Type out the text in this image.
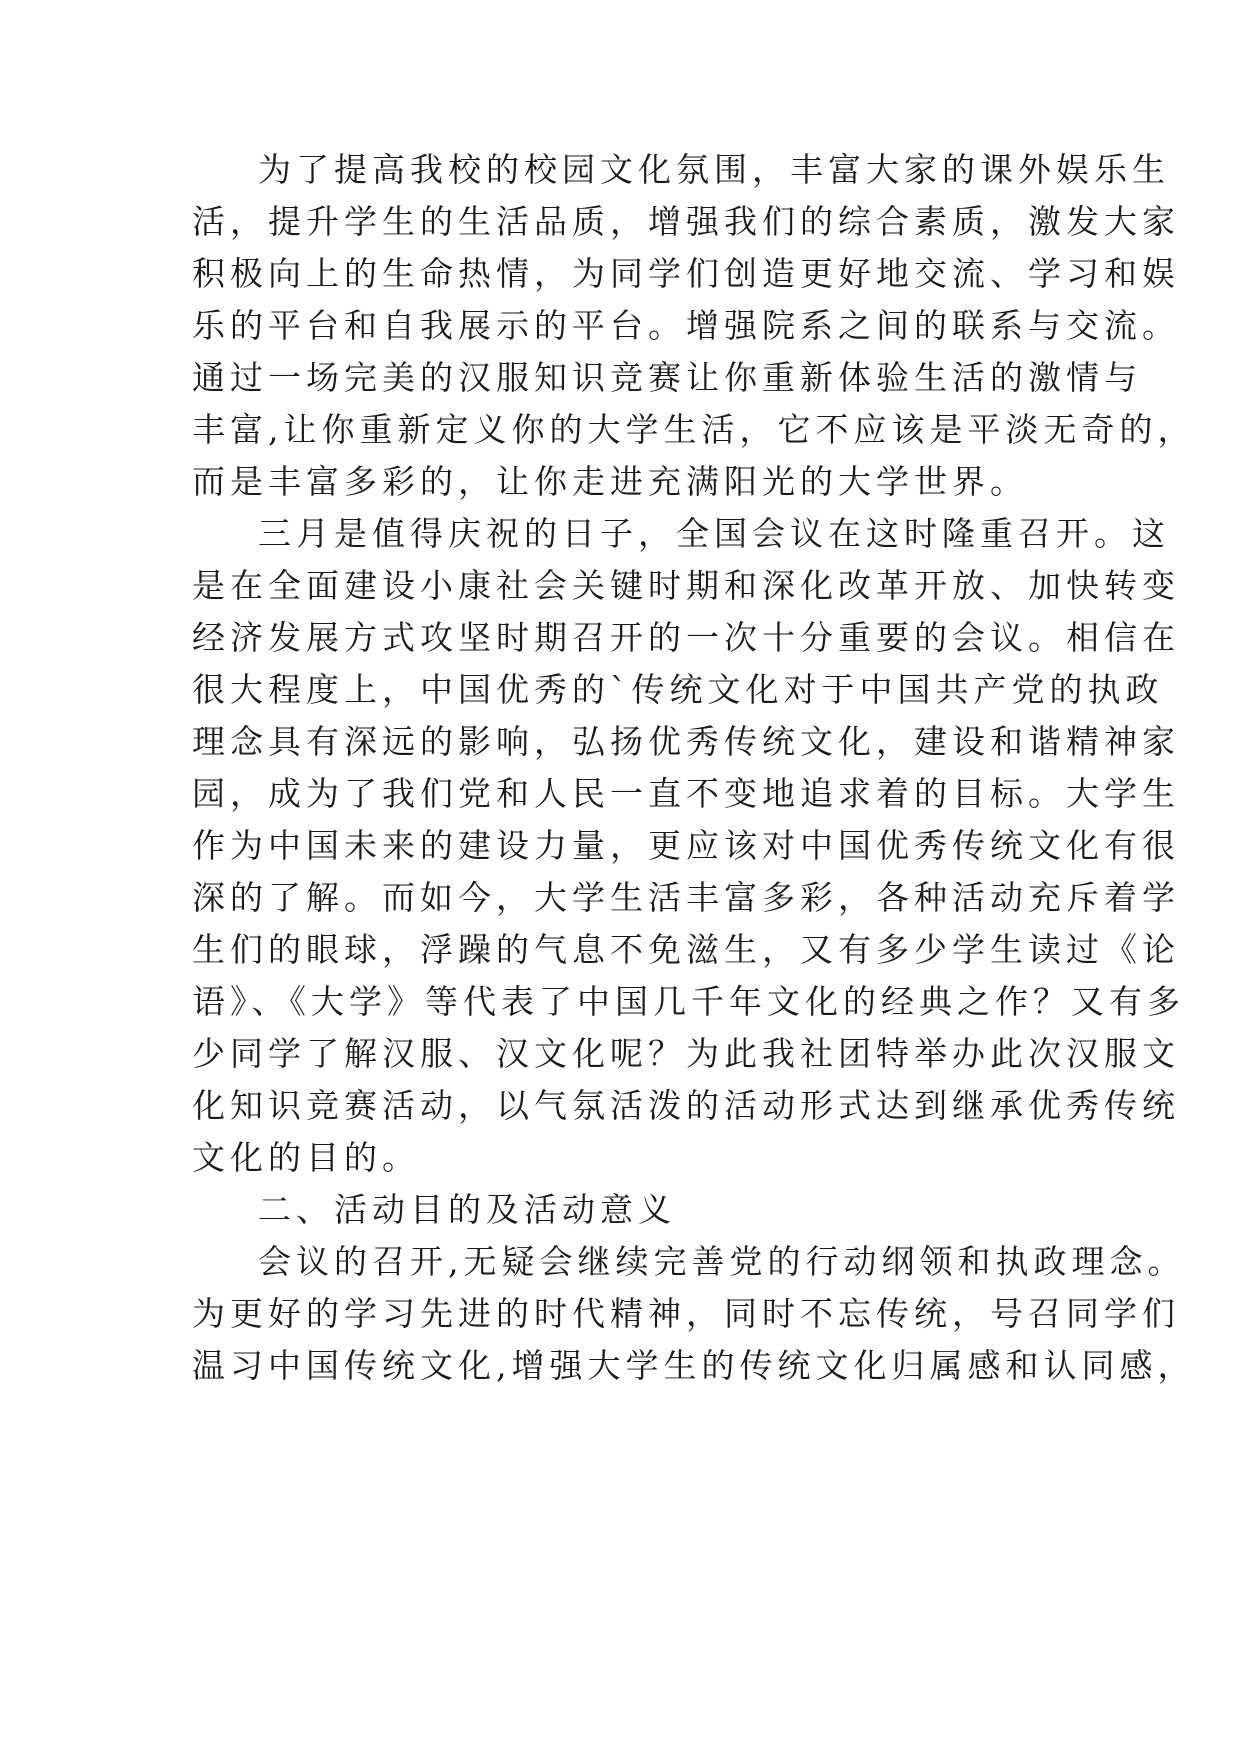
为了提高我校的校园文化氛围，丰富大家的课外娱乐生
活，提升学生的生活品质，增强我们的综合素质，激发大家
积极向上的生命热情，为同学们创造更好地交流、学习和娱
乐的平台和自我展示的平台。增强院系之间的联系与交流。
通过一场完美的汉服知识竞赛让你重新体验生活的激情与
丰富,让你重新定义你的大学生活，它不应该是平淡无奇的，
而是丰富多彩的，让你走进充满阳光的大学世界。
三月是值得庆祝的日子，全国会议在这时隆重召开。这
是在全面建设小康社会关键时期和深化改革开放、加快转变
经济发展方式攻坚时期召开的一次十分重要的会议。相信在
很大程度上，中国优秀的`传统文化对于中国共产党的执政
理念具有深远的影响，弘扬优秀传统文化，建设和谐精神家
园，成为了我们党和人民一直不变地追求着的目标。大学生
作为中国未来的建设力量，更应该对中国优秀传统文化有很
深的了解。而如今，大学生活丰富多彩，各种活动充斥着学
生们的眼球，浮躁的气息不免滋生，又有多少学生读过《论
语》、《大学》等代表了中国几千年文化的经典之作？又有多
少同学了解汉服、汉文化呢？为此我社团特举办此次汉服文
化知识竞赛活动，以气氛活泼的活动形式达到继承优秀传统
文化的目的。
二、活动目的及活动意义
会议的召开,无疑会继续完善党的行动纲领和执政理念。
为更好的学习先进的时代精神，同时不忘传统，号召同学们
温习中国传统文化,增强大学生的传统文化归属感和认同感，
